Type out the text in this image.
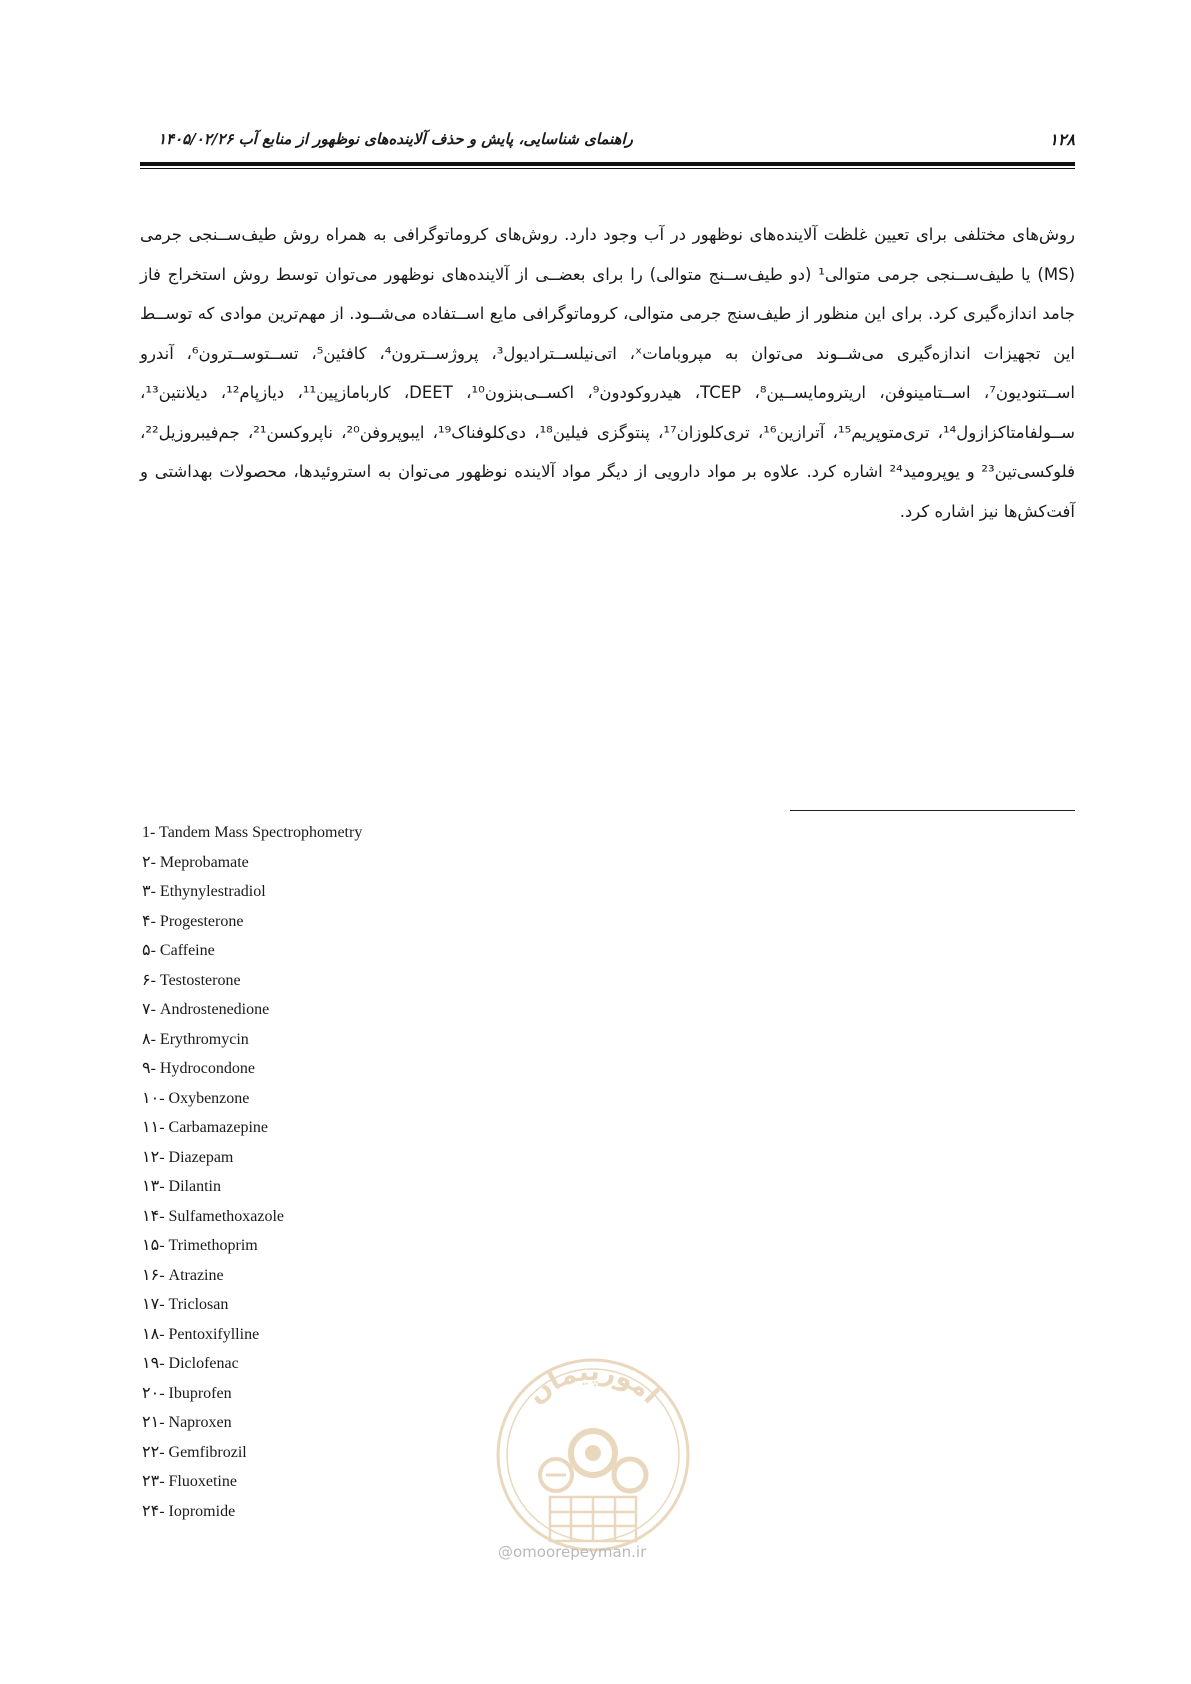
۱۲۸
راهنمای شناسایی، پایش و حذف آلاینده‌های نوظهور از منابع آب ۱۴۰۵/۰۲/۲۶

روش‌های مختلفی برای تعیین غلظت آلاینده‌های نوظهور در آب وجود دارد. روش‌های کروماتوگرافی به همراه روش طیف‌ســنجی جرمی (MS) یا طیف‌ســنجی جرمی متوالی¹ (دو طیف‌ســنج متوالی) را برای بعضــی از آلاینده‌های نوظهور می‌توان توسط روش استخراج فاز جامد اندازه‌گیری کرد. برای این منظور از طیف‌سنج جرمی متوالی، کروماتوگرافی مایع اســتفاده می‌شــود. از مهم‌ترین موادی که توســط این تجهیزات اندازه‌گیری می‌شــوند می‌توان به مپروباماتˣ، اتی‌نیلســترادیول³، پروژســترون⁴، کافئین⁵، تســتوســترون⁶، آندرو اســتنودیون⁷، اســتامینوفن، اریترومایســین⁸، TCEP، هیدروکودون⁹، اکســی‌بنزون¹⁰، DEET، کاربامازپین¹¹، دیازپام¹²، دیلانتین¹³، ســولفامتاکزازول¹⁴، تری‌متوپریم¹⁵، آترازین¹⁶، تری‌کلوزان¹⁷، پنتوگزی فیلین¹⁸، دی‌کلوفناک¹⁹، ایبوپروفن²⁰، ناپروکسن²¹، جم‌فیبروزیل²²، فلوکسی‌تین²³ و یوپرومید²⁴ اشاره کرد. علاوه بر مواد دارویی از دیگر مواد آلاینده نوظهور می‌توان به استروئیدها، محصولات بهداشتی و آفت‌کش‌ها نیز اشاره کرد.

1- Tandem Mass Spectrophometry
۲- Meprobamate
۳- Ethynylestradiol
۴- Progesterone
۵- Caffeine
۶- Testosterone
۷- Androstenedione
۸- Erythromycin
۹- Hydrocondone
۱۰- Oxybenzone
۱۱- Carbamazepine
۱۲- Diazepam
۱۳- Dilantin
۱۴- Sulfamethoxazole
۱۵- Trimethoprim
۱۶- Atrazine
۱۷- Triclosan
۱۸- Pentoxifylline
۱۹- Diclofenac
۲۰- Ibuprofen
۲۱- Naproxen
۲۲- Gemfibrozil
۲۳- Fluoxetine
۲۴- Iopromide
امورپیمان
@omoorepeyman.ir
